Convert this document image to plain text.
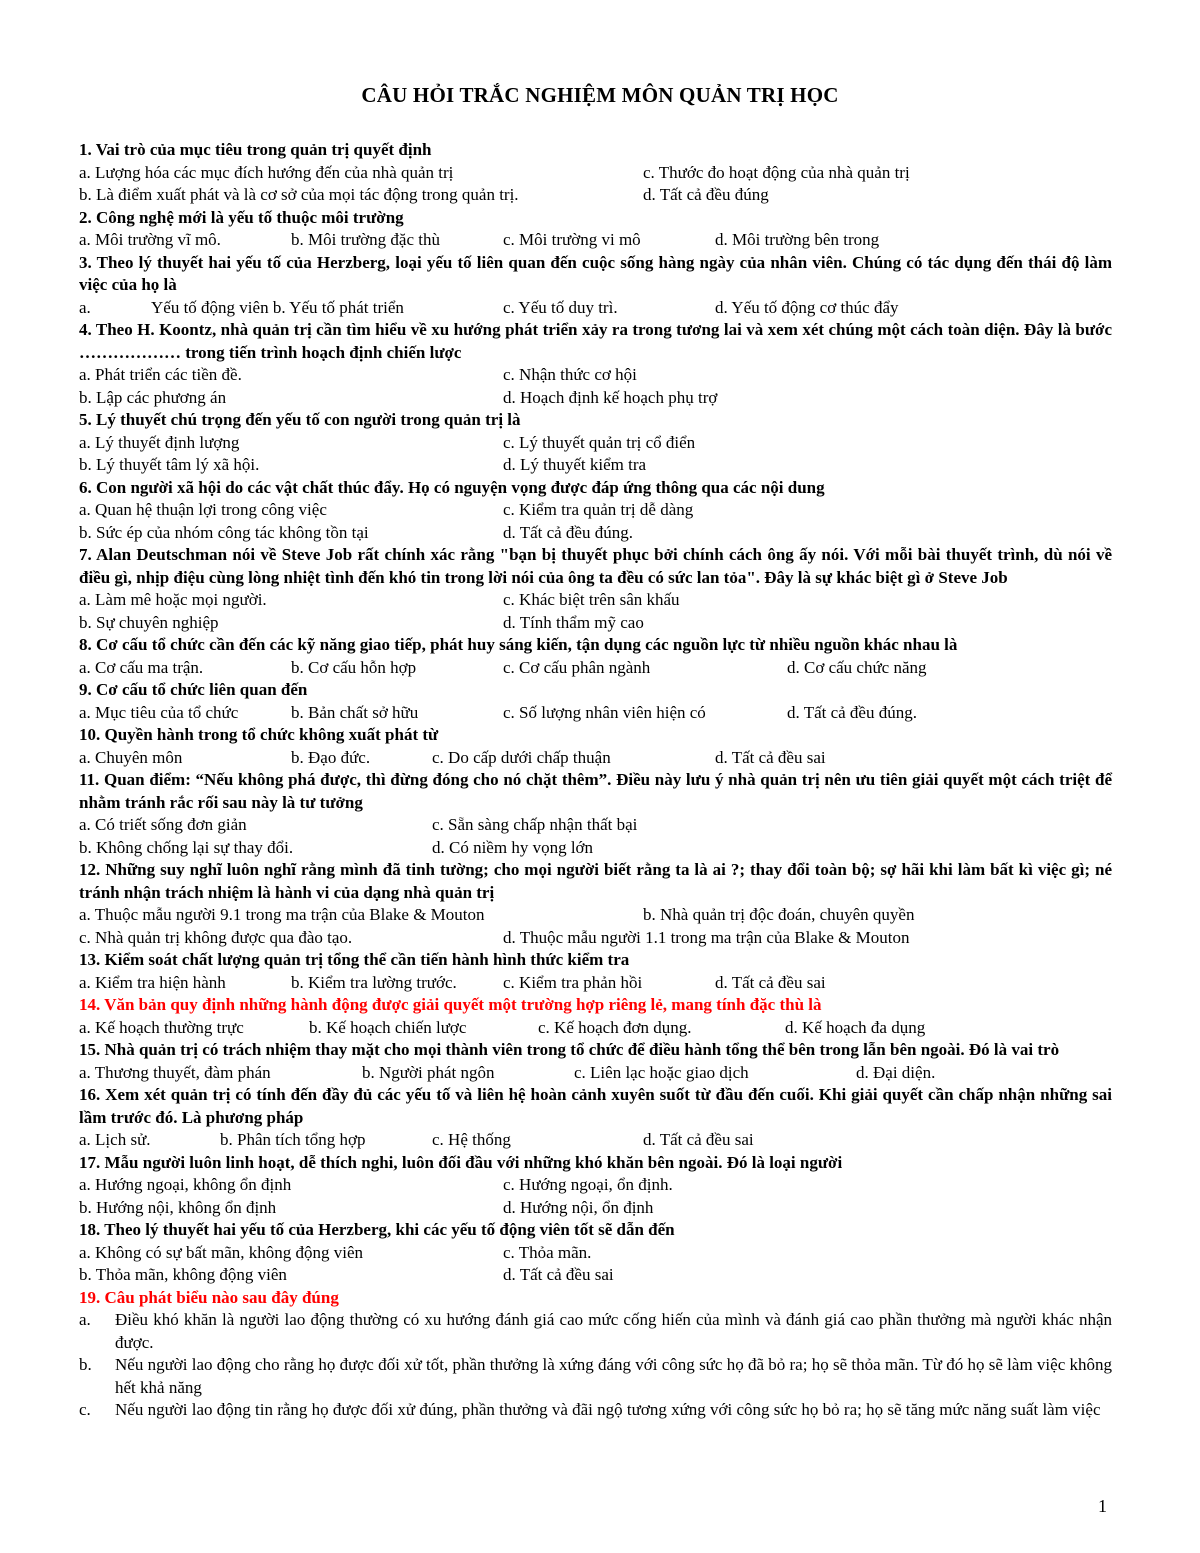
CÂU HỎI TRẮC NGHIỆM MÔN QUẢN TRỊ HỌC
1. Vai trò của mục tiêu trong quản trị quyết định
a. Lượng hóa các mục đích hướng đến của nhà quản trị	c. Thước đo hoạt động của nhà quản trị
b. Là điểm xuất phát và là cơ sở của mọi tác động trong quản trị.	d. Tất cả đều đúng
2. Công nghệ mới là yếu tố thuộc môi trường
a. Môi trường vĩ mô.	b. Môi trường đặc thù	c. Môi trường vi mô	d. Môi trường bên trong
3. Theo lý thuyết hai yếu tố của Herzberg, loại yếu tố liên quan đến cuộc sống hàng ngày của nhân viên. Chúng có tác dụng đến thái độ làm việc của họ là
a.	Yếu tố động viên b. Yếu tố phát triển	c. Yếu tố duy trì.	d. Yếu tố động cơ thúc đẩy
4. Theo H. Koontz, nhà quản trị cần tìm hiểu về xu hướng phát triển xảy ra trong tương lai và xem xét chúng một cách toàn diện. Đây là bước ……………… trong tiến trình hoạch định chiến lược
a. Phát triển các tiền đề.	c. Nhận thức cơ hội
b. Lập các phương án	d. Hoạch định kế hoạch phụ trợ
5. Lý thuyết chú trọng đến yếu tố con người trong quản trị là
a. Lý thuyết định lượng	c. Lý thuyết quản trị cổ điển
b. Lý thuyết tâm lý xã hội.	d. Lý thuyết kiểm tra
6. Con người xã hội do các vật chất thúc đẩy. Họ có nguyện vọng được đáp ứng thông qua các nội dung
a. Quan hệ thuận lợi trong công việc	c. Kiểm tra quản trị dễ dàng
b. Sức ép của nhóm công tác không tồn tại	d. Tất cả đều đúng.
7. Alan Deutschman nói về Steve Job rất chính xác rằng "bạn bị thuyết phục bởi chính cách ông ấy nói. Với mỗi bài thuyết trình, dù nói về điều gì, nhịp điệu cùng lòng nhiệt tình đến khó tin trong lời nói của ông ta đều có sức lan tỏa". Đây là sự khác biệt gì ở Steve Job
a. Làm mê hoặc mọi người.	c. Khác biệt trên sân khấu
b. Sự chuyên nghiệp	d. Tính thẩm mỹ cao
8. Cơ cấu tổ chức cần đến các kỹ năng giao tiếp, phát huy sáng kiến, tận dụng các nguồn lực từ nhiều nguồn khác nhau là
a. Cơ cấu ma trận.	b. Cơ cấu hỗn hợp	c. Cơ cấu phân ngành	d. Cơ cấu chức năng
9. Cơ cấu tổ chức liên quan đến
a. Mục tiêu của tổ chức	b. Bản chất sở hữu	c. Số lượng nhân viên hiện có	d. Tất cả đều đúng.
10. Quyền hành trong tổ chức không xuất phát từ
a. Chuyên môn	b. Đạo đức.	c. Do cấp dưới chấp thuận	d. Tất cả đều sai
11. Quan điểm: “Nếu không phá được, thì đừng đóng cho nó chặt thêm”. Điều này lưu ý nhà quản trị nên ưu tiên giải quyết một cách triệt để nhằm tránh rắc rối sau này là tư tưởng
a. Có triết sống đơn giản	c. Sẵn sàng chấp nhận thất bại
b. Không chống lại sự thay đổi.	d. Có niềm hy vọng lớn
12. Những suy nghĩ luôn nghĩ rằng mình đã tinh tường; cho mọi người biết rằng ta là ai ?; thay đổi toàn bộ; sợ hãi khi làm bất kì việc gì; né tránh nhận trách nhiệm là hành vi của dạng nhà quản trị
a. Thuộc mẫu người 9.1 trong ma trận của Blake & Mouton	b. Nhà quản trị độc đoán, chuyên quyền
c. Nhà quản trị không được qua đào tạo.	d. Thuộc mẫu người 1.1 trong ma trận của Blake & Mouton
13. Kiểm soát chất lượng quản trị tổng thể cần tiến hành hình thức kiểm tra
a. Kiểm tra hiện hành	b. Kiểm tra lường trước.	c. Kiểm tra phản hồi	d. Tất cả đều sai
14. Văn bản quy định những hành động được giải quyết một trường hợp riêng lẻ, mang tính đặc thù là
a. Kế hoạch thường trực	b. Kế hoạch chiến lược	c. Kế hoạch đơn dụng.	d. Kế hoạch đa dụng
15. Nhà quản trị có trách nhiệm thay mặt cho mọi thành viên trong tổ chức để điều hành tổng thể bên trong lẫn bên ngoài. Đó là vai trò
a. Thương thuyết, đàm phán	b. Người phát ngôn	c. Liên lạc hoặc giao dịch	d. Đại diện.
16. Xem xét quản trị có tính đến đầy đủ các yếu tố và liên hệ hoàn cảnh xuyên suốt từ đầu đến cuối. Khi giải quyết cần chấp nhận những sai lầm trước đó. Là phương pháp
a. Lịch sử.	b. Phân tích tổng hợp	c. Hệ thống	d. Tất cả đều sai
17. Mẫu người luôn linh hoạt, dễ thích nghi, luôn đối đầu với những khó khăn bên ngoài. Đó là loại người
a. Hướng ngoại, không ổn định	c. Hướng ngoại, ổn định.
b. Hướng nội, không ổn định	d. Hướng nội, ổn định
18. Theo lý thuyết hai yếu tố của Herzberg, khi các yếu tố động viên tốt sẽ dẫn đến
a. Không có sự bất mãn, không động viên	c. Thỏa mãn.
b. Thỏa mãn, không động viên	d. Tất cả đều sai
19. Câu phát biểu nào sau đây đúng
a. Điều khó khăn là người lao động thường có xu hướng đánh giá cao mức cống hiến của mình và đánh giá cao phần thưởng mà người khác nhận được.
b. Nếu người lao động cho rằng họ được đối xử tốt, phần thưởng là xứng đáng với công sức họ đã bỏ ra; họ sẽ thỏa mãn. Từ đó họ sẽ làm việc không hết khả năng
c. Nếu người lao động tin rằng họ được đối xử đúng, phần thưởng và đãi ngộ tương xứng với công sức họ bỏ ra; họ sẽ tăng mức năng suất làm việc
1
